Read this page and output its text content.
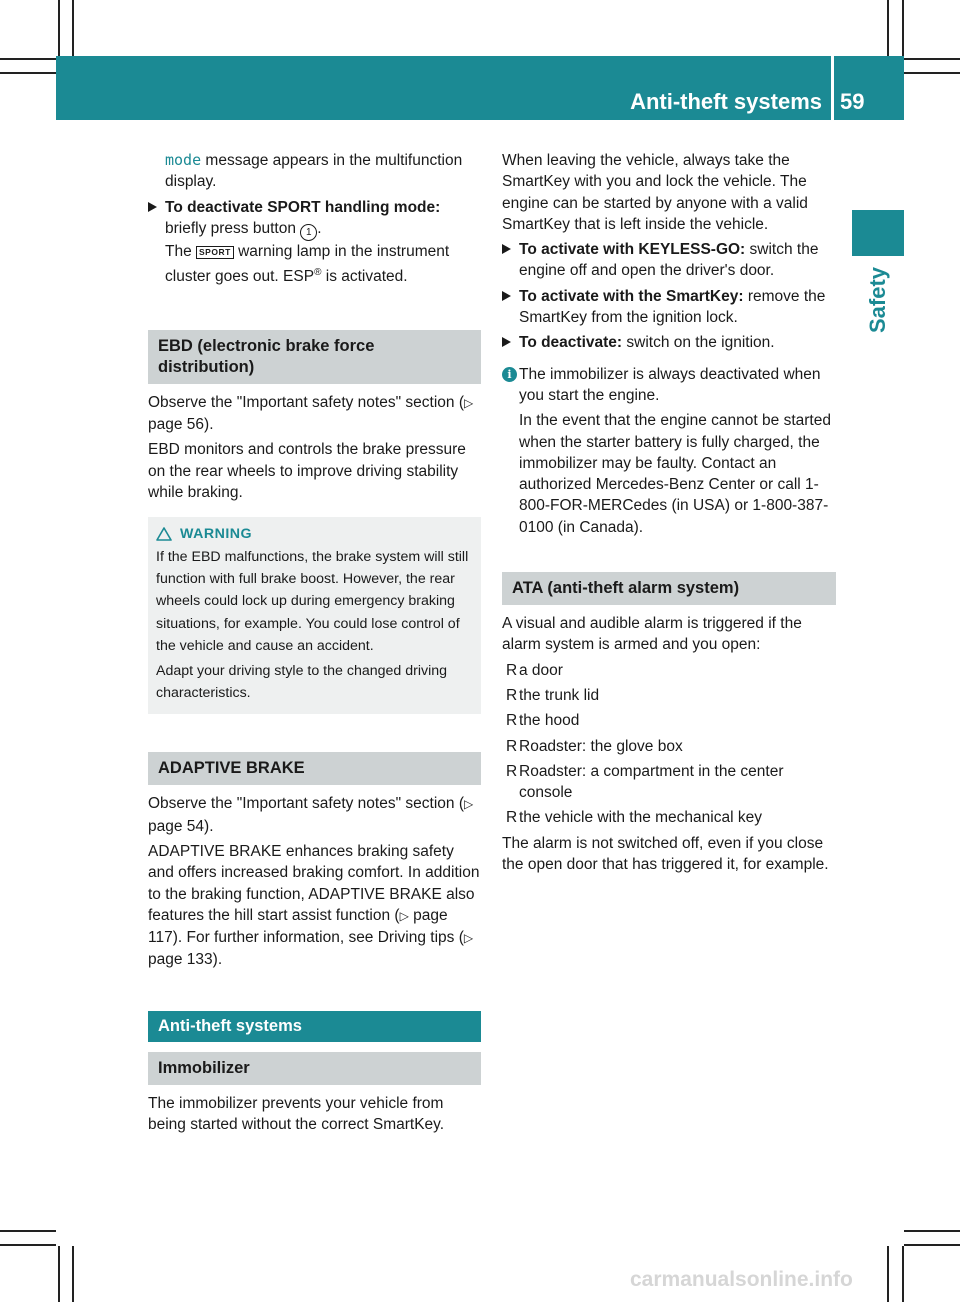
Anti-theft systems 59
Safety

mode message appears in the multifunction display.

To deactivate SPORT handling mode: briefly press button 1 .
The SPORT warning lamp in the instrument cluster goes out. ESP® is activated.
EBD (electronic brake force distribution)

Observe the "Important safety notes" section (▷ page 56).

EBD monitors and controls the brake pressure on the rear wheels to improve driving stability while braking.

WARNING

If the EBD malfunctions, the brake system will still function with full brake boost. However, the rear wheels could lock up during emergency braking situations, for example. You could lose control of the vehicle and cause an accident.

Adapt your driving style to the changed driving characteristics.

ADAPTIVE BRAKE

Observe the "Important safety notes" section (▷ page 54).

ADAPTIVE BRAKE enhances braking safety and offers increased braking comfort. In addition to the braking function, ADAPTIVE BRAKE also features the hill start assist function (▷ page 117). For further information, see Driving tips (▷ page 133).

Anti-theft systems
Immobilizer

The immobilizer prevents your vehicle from being started without the correct SmartKey.

When leaving the vehicle, always take the SmartKey with you and lock the vehicle. The engine can be started by anyone with a valid SmartKey that is left inside the vehicle.

To activate with KEYLESS-GO: switch the engine off and open the driver's door.
To activate with the SmartKey: remove the SmartKey from the ignition lock.
To deactivate: switch on the ignition.
i The immobilizer is always deactivated when you start the engine.

In the event that the engine cannot be started when the starter battery is fully charged, the immobilizer may be faulty. Contact an authorized Mercedes-Benz Center or call 1-800-FOR-MERCedes (in USA) or 1-800-387-0100 (in Canada).

ATA (anti-theft alarm system)

A visual and audible alarm is triggered if the alarm system is armed and you open:

R a door
R the trunk lid
R the hood
R Roadster: the glove box
R Roadster: a compartment in the center console
R the vehicle with the mechanical key

The alarm is not switched off, even if you close the open door that has triggered it, for example.

carmanualsonline.info
